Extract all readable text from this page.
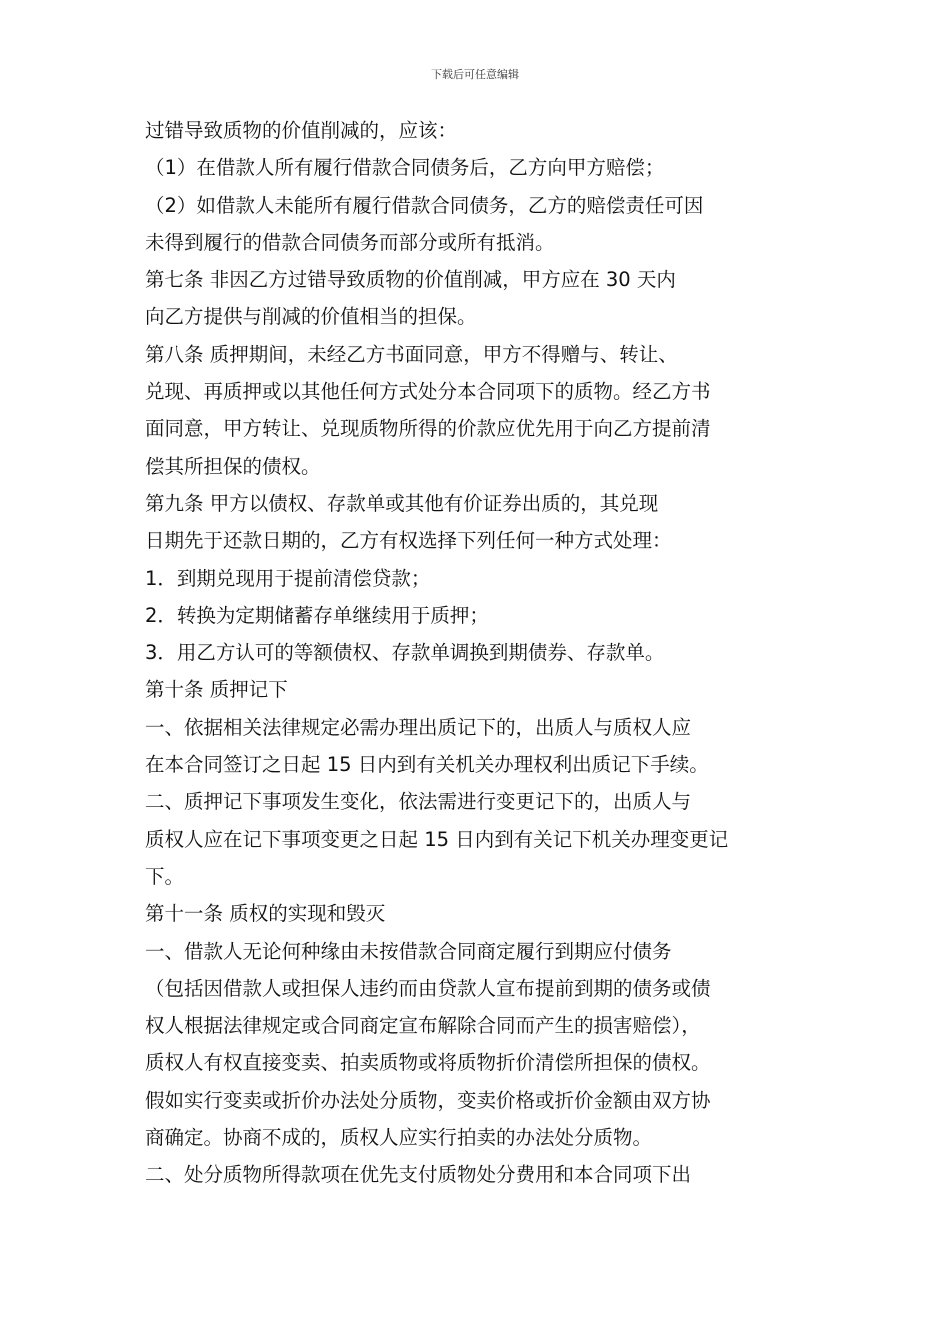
下载后可任意编辑

过错导致质物的价值削减的，应该：

（1）在借款人所有履行借款合同债务后，乙方向甲方赔偿；

（2）如借款人未能所有履行借款合同债务，乙方的赔偿责任可因

未得到履行的借款合同债务而部分或所有抵消。

第七条 非因乙方过错导致质物的价值削减，甲方应在 30 天内

向乙方提供与削减的价值相当的担保。

第八条 质押期间，未经乙方书面同意，甲方不得赠与、转让、

兑现、再质押或以其他任何方式处分本合同项下的质物。经乙方书

面同意，甲方转让、兑现质物所得的价款应优先用于向乙方提前清

偿其所担保的债权。

第九条 甲方以债权、存款单或其他有价证券出质的，其兑现

日期先于还款日期的，乙方有权选择下列任何一种方式处理：

1．到期兑现用于提前清偿贷款；

2．转换为定期储蓄存单继续用于质押；

3．用乙方认可的等额债权、存款单调换到期债券、存款单。

第十条 质押记下

一、依据相关法律规定必需办理出质记下的，出质人与质权人应

在本合同签订之日起 15 日内到有关机关办理权利出质记下手续。

二、质押记下事项发生变化，依法需进行变更记下的，出质人与

质权人应在记下事项变更之日起 15 日内到有关记下机关办理变更记

下。

第十一条 质权的实现和毁灭

一、借款人无论何种缘由未按借款合同商定履行到期应付债务

（包括因借款人或担保人违约而由贷款人宣布提前到期的债务或债

权人根据法律规定或合同商定宣布解除合同而产生的损害赔偿），

质权人有权直接变卖、拍卖质物或将质物折价清偿所担保的债权。

假如实行变卖或折价办法处分质物，变卖价格或折价金额由双方协

商确定。协商不成的，质权人应实行拍卖的办法处分质物。

二、处分质物所得款项在优先支付质物处分费用和本合同项下出
